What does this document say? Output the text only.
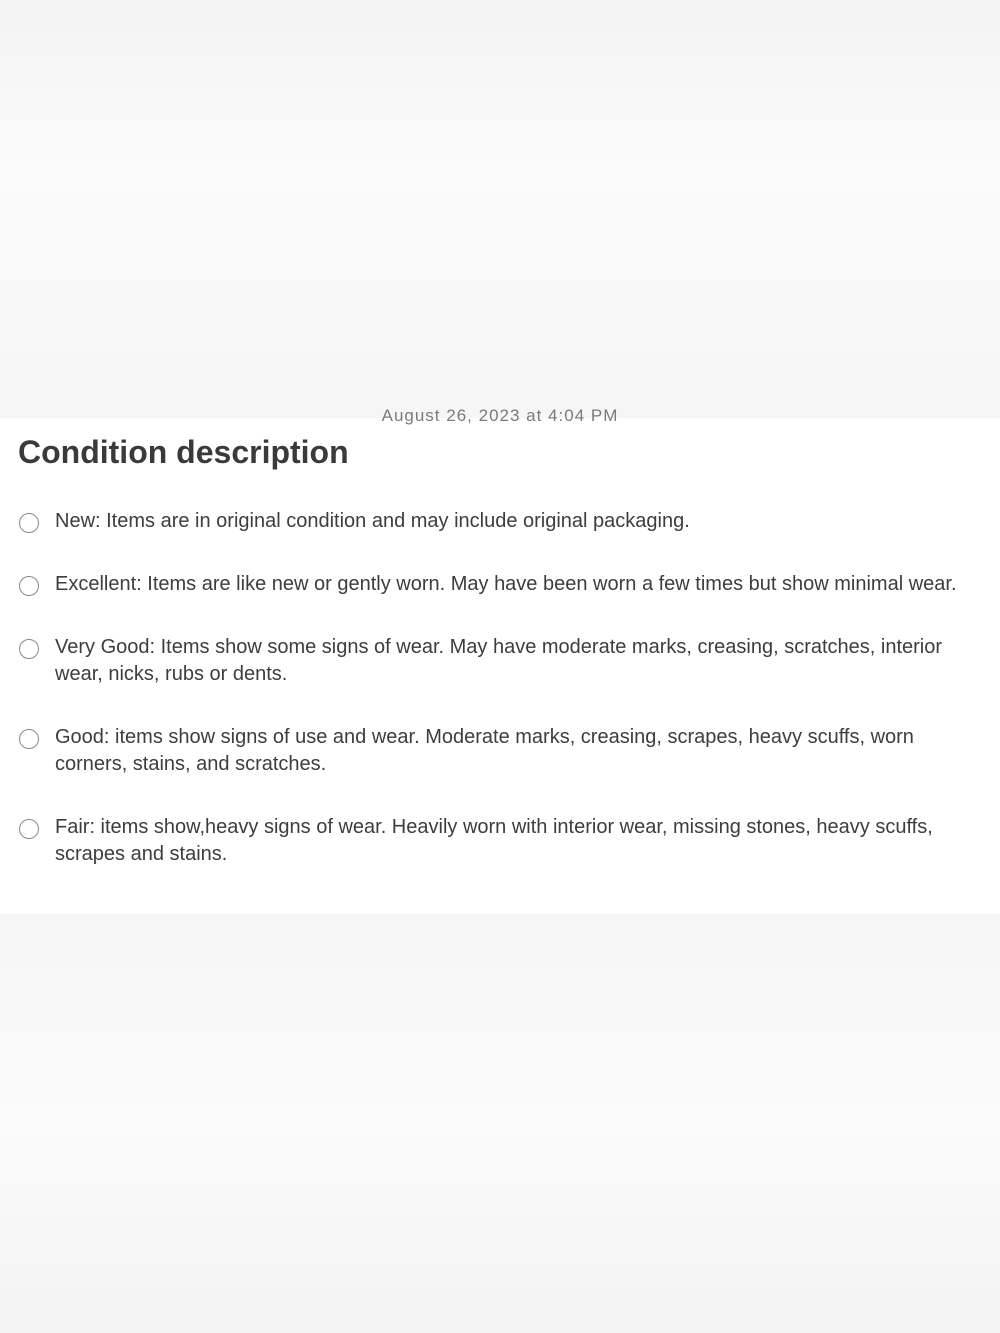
August 26, 2023 at 4:04 PM
Condition description
New: Items are in original condition and may include original packaging.
Excellent: Items are like new or gently worn. May have been worn a few times but show minimal wear.
Very Good: Items show some signs of wear. May have moderate marks, creasing, scratches, interior wear, nicks, rubs or dents.
Good: items show signs of use and wear. Moderate marks, creasing, scrapes, heavy scuffs, worn corners, stains, and scratches.
Fair: items show,heavy signs of wear. Heavily worn with interior wear, missing stones, heavy scuffs, scrapes and stains.
